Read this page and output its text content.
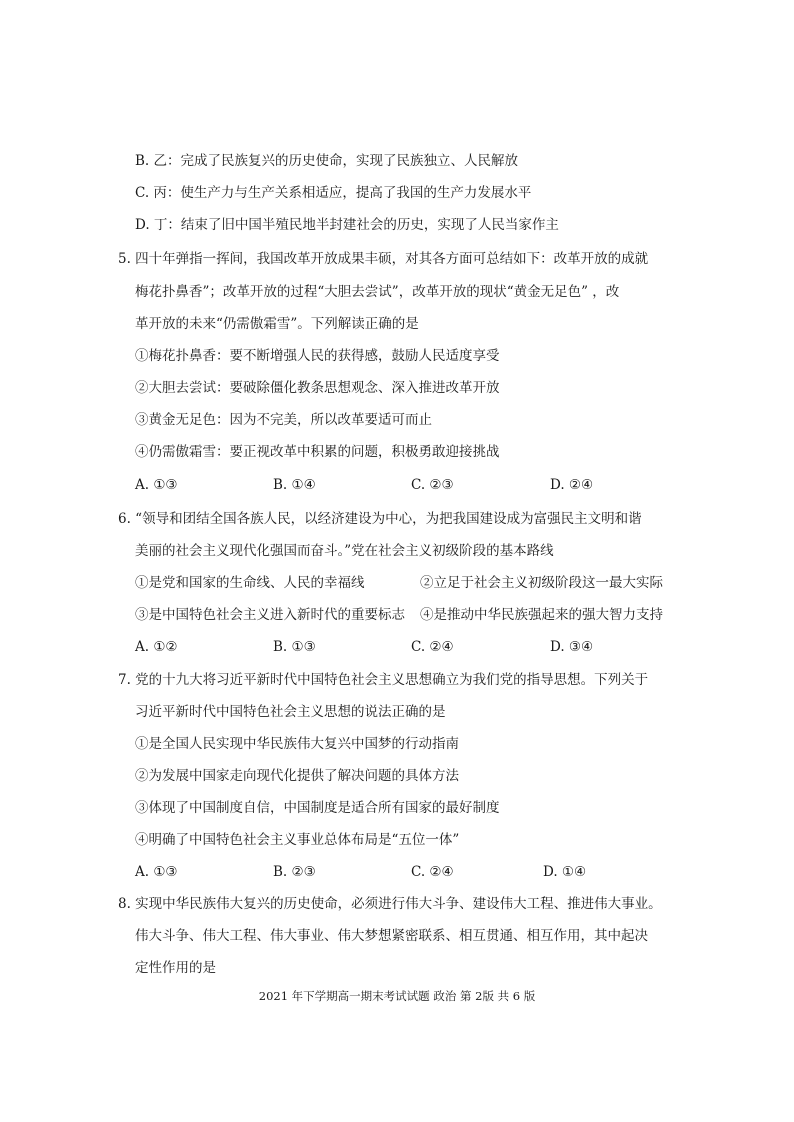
B. 乙：完成了民族复兴的历史使命，实现了民族独立、人民解放
C. 丙：使生产力与生产关系相适应，提高了我国的生产力发展水平
D. 丁：结束了旧中国半殖民地半封建社会的历史，实现了人民当家作主
5. 四十年弹指一挥间，我国改革开放成果丰硕，对其各方面可总结如下：改革开放的成就
梅花扑鼻香”；改革开放的过程“大胆去尝试”，改革开放的现状“黄金无足色” ，改
革开放的未来“仍需傲霜雪”。下列解读正确的是
①梅花扑鼻香：要不断增强人民的获得感，鼓励人民适度享受
②大胆去尝试：要破除僵化教条思想观念、深入推进改革开放
③黄金无足色：因为不完美，所以改革要适可而止
④仍需傲霜雪：要正视改革中积累的问题，积极勇敢迎接挑战
A. ①③	B. ①④	C. ②③	D. ②④
6. “领导和团结全国各族人民，以经济建设为中心，为把我国建设成为富强民主文明和谐
美丽的社会主义现代化强国而奋斗。”党在社会主义初级阶段的基本路线
①是党和国家的生命线、人民的幸福线	②立足于社会主义初级阶段这一最大实际
③是中国特色社会主义进入新时代的重要标志 ④是推动中华民族强起来的强大智力支持
A. ①②	B. ①③	C. ②④	D. ③④
7. 党的十九大将习近平新时代中国特色社会主义思想确立为我们党的指导思想。下列关于
习近平新时代中国特色社会主义思想的说法正确的是
①是全国人民实现中华民族伟大复兴中国梦的行动指南
②为发展中国家走向现代化提供了解决问题的具体方法
③体现了中国制度自信，中国制度是适合所有国家的最好制度
④明确了中国特色社会主义事业总体布局是“五位一体”
A. ①③	B. ②③	C. ②④	D. ①④
8. 实现中华民族伟大复兴的历史使命，必须进行伟大斗争、建设伟大工程、推进伟大事业。
伟大斗争、伟大工程、伟大事业、伟大梦想紧密联系、相互贯通、相互作用，其中起决
定性作用的是
2021 年下学期高一期末考试试题 政治 第 2版 共 6 版
